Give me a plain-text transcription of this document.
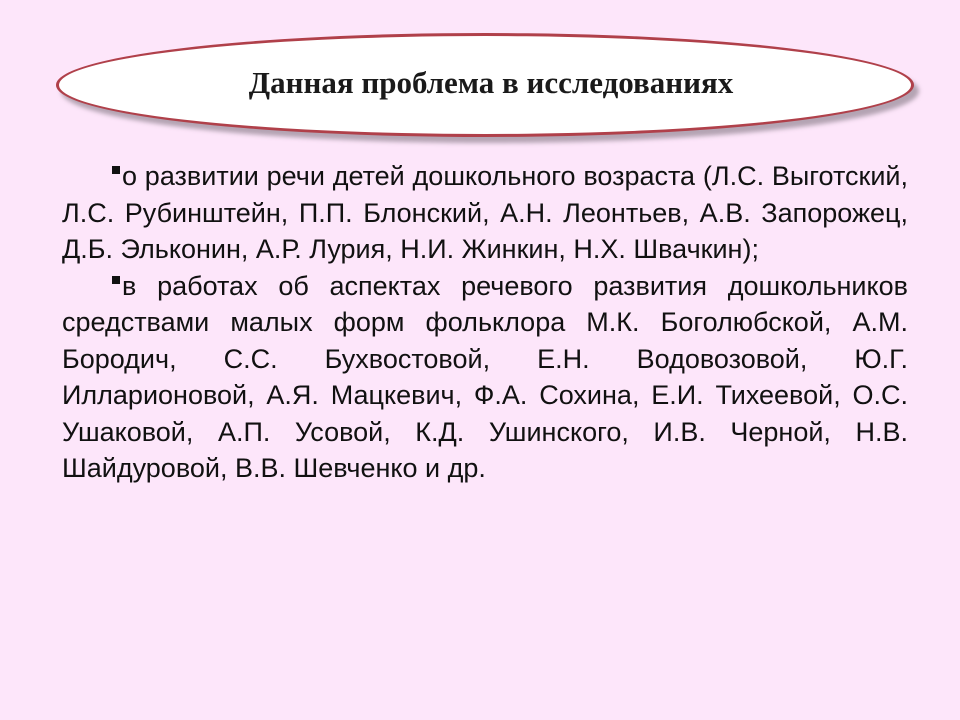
Данная проблема в исследованиях

о развитии речи детей дошкольного возраста (Л.С. Выготский, Л.С. Рубинштейн, П.П. Блонский, А.Н. Леонтьев, А.В. Запорожец, Д.Б. Эльконин, А.Р. Лурия, Н.И. Жинкин, Н.Х. Швачкин);

в работах об аспектах речевого развития дошкольников средствами малых форм фольклора М.К. Боголюбской, А.М. Бородич, С.С. Бухвостовой, Е.Н. Водовозовой, Ю.Г. Илларионовой, А.Я. Мацкевич, Ф.А. Сохина, Е.И. Тихеевой, О.С. Ушаковой, А.П. Усовой, К.Д. Ушинского, И.В. Черной, Н.В. Шайдуровой, В.В. Шевченко и др.
